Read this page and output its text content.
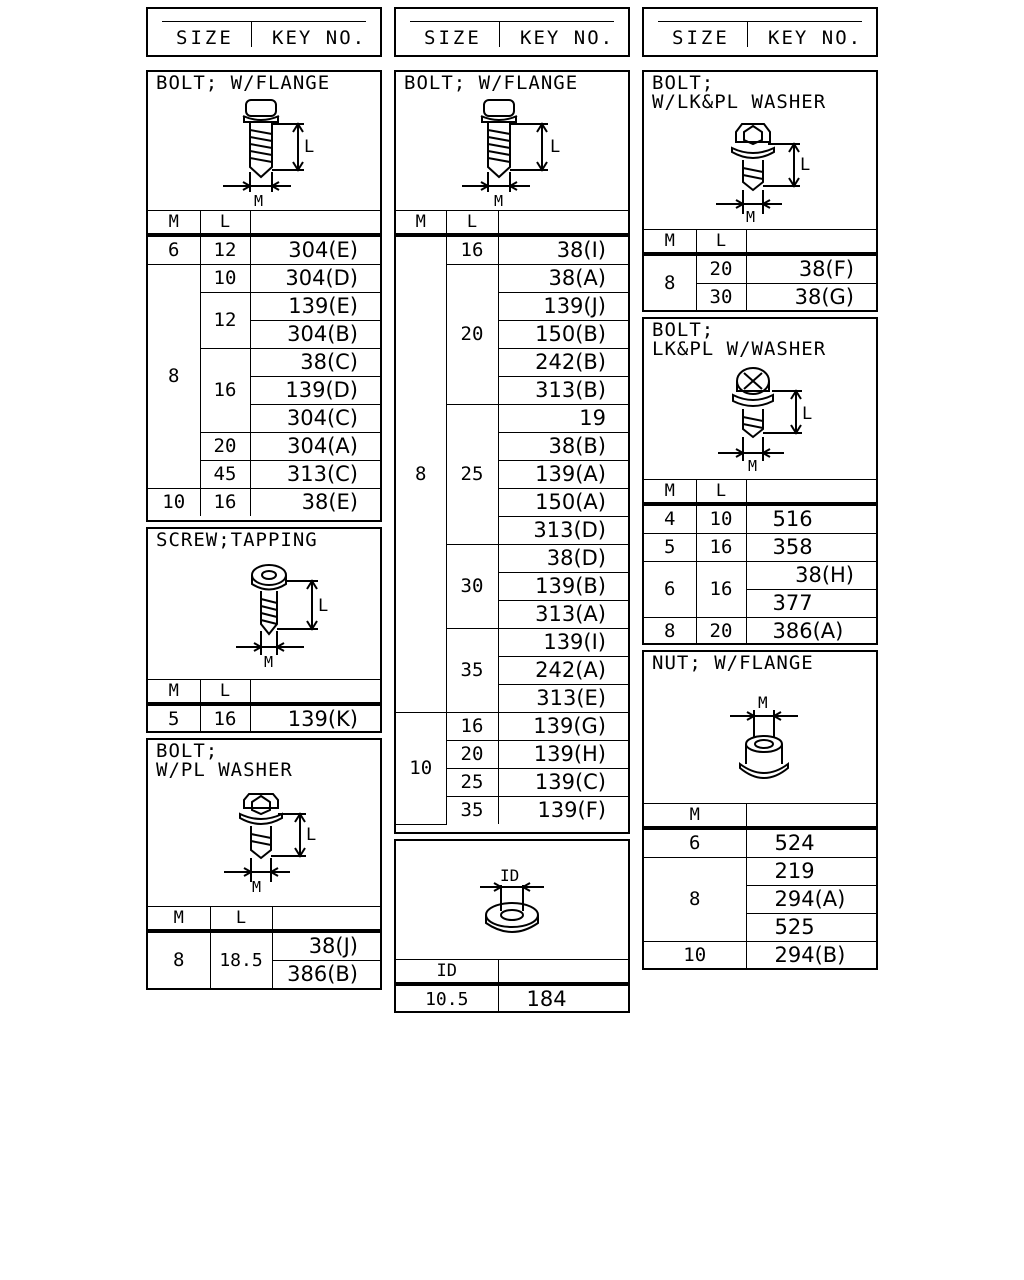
SIZE KEY NO.	SIZE KEY NO.	SIZE KEY NO.
BOLT; W/FLANGE
L
M
M	L	
6	12	304(E)
8	10	304(D)
	12	139(E)
		304(B)
	16	38(C)
		139(D)
		304(C)
	20	304(A)
	45	313(C)
10	16	38(E)
SCREW;TAPPING
L
M
M	L	
5	16	139(K)
BOLT;
W/PL WASHER
L
M
M	L	
8	18.5	38(J)
		386(B)
BOLT; W/FLANGE
L
M
M	L	
8	16	38(I)
	20	38(A)
		139(J)
		150(B)
		242(B)
		313(B)
	25	19
		38(B)
		139(A)
		150(A)
		313(D)
	30	38(D)
		139(B)
		313(A)
	35	139(I)
		242(A)
		313(E)
10	16	139(G)
	20	139(H)
	25	139(C)
	35	139(F)
ID
ID	
10.5	184
BOLT;
W/LK&PL WASHER
L
M
M	L	
8	20	38(F)
	30	38(G)
BOLT;
LK&PL W/WASHER
L
M
M	L	
4	10	516
5	16	358
6	16	38(H)
		377
8	20	386(A)
NUT; W/FLANGE
M
M	
6	524
8	219
	294(A)
	525
10	294(B)
